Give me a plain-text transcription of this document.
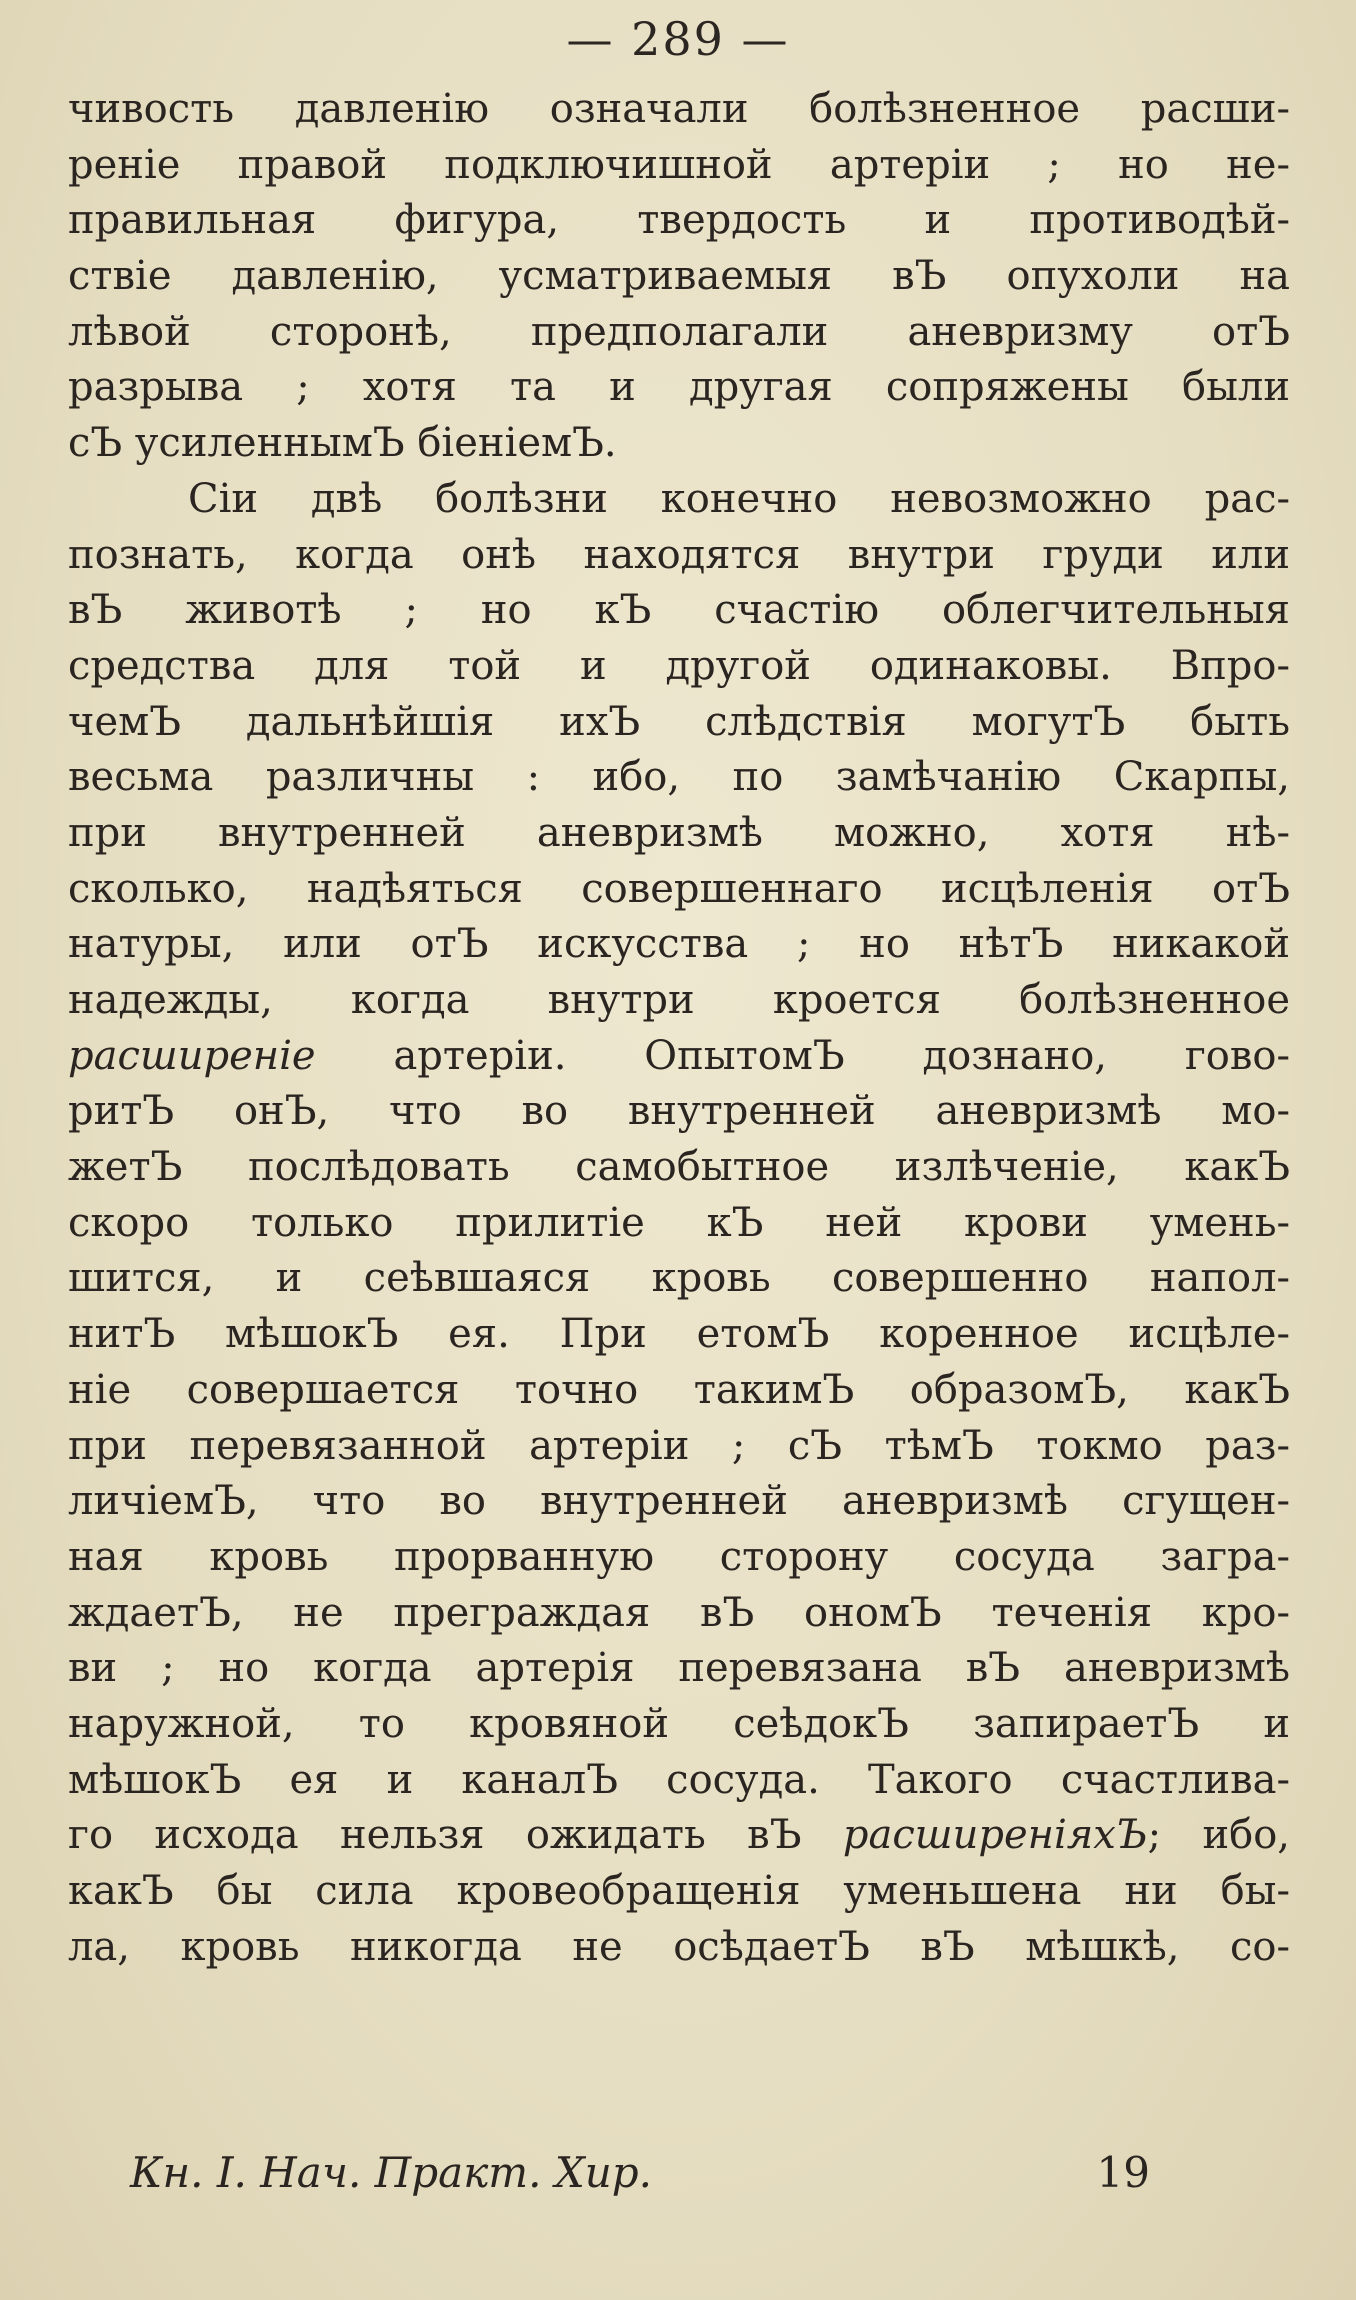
— 289 —
чивость давленію означали болѣзненное расши-
реніе правой подключишной артеріи ; но не-
правильная фигура, твердость и противодѣй-
ствіе давленію, усматриваемыя вЪ опухоли на
лѣвой сторонѣ, предполагали аневризму отЪ
разрыва ; хотя та и другая сопряжены были
сЪ усиленнымЪ біеніемЪ.
Сіи двѣ болѣзни конечно невозможно рас-
познать, когда онѣ находятся внутри груди или
вЪ животѣ ; но кЪ счастію облегчительныя
средства для той и другой одинаковы. Впро-
чемЪ дальнѣйшія ихЪ слѣдствія могутЪ быть
весьма различны : ибо, по замѣчанію Скарпы,
при внутренней аневризмѣ можно, хотя нѣ-
сколько, надѣяться совершеннаго исцѣленія отЪ
натуры, или отЪ искусства ; но нѣтЪ никакой
надежды, когда внутри кроется болѣзненное
расширеніе артеріи. ОпытомЪ дознано, гово-
ритЪ онЪ, что во внутренней аневризмѣ мо-
жетЪ послѣдовать самобытное излѣченіе, какЪ
скоро только прилитіе кЪ ней крови умень-
шится, и сеѣвшаяся кровь совершенно напол-
нитЪ мѣшокЪ ея. При етомЪ коренное исцѣле-
ніе совершается точно такимЪ образомЪ, какЪ
при перевязанной артеріи ; сЪ тѣмЪ токмо раз-
личіемЪ, что во внутренней аневризмѣ сгущен-
ная кровь прорванную сторону сосуда загра-
ждаетЪ, не преграждая вЪ ономЪ теченія кро-
ви ; но когда артерія перевязана вЪ аневризмѣ
наружной, то кровяной сеѣдокЪ запираетЪ и
мѣшокЪ ея и каналЪ сосуда. Такого счастлива-
го исхода нельзя ожидать вЪ расширеніяхЪ; ибо,
какЪ бы сила кровеобращенія уменьшена ни бы-
ла, кровь никогда не осѣдаетЪ вЪ мѣшкѣ, со-
Кн. I. Нач. Практ. Хир.	19
